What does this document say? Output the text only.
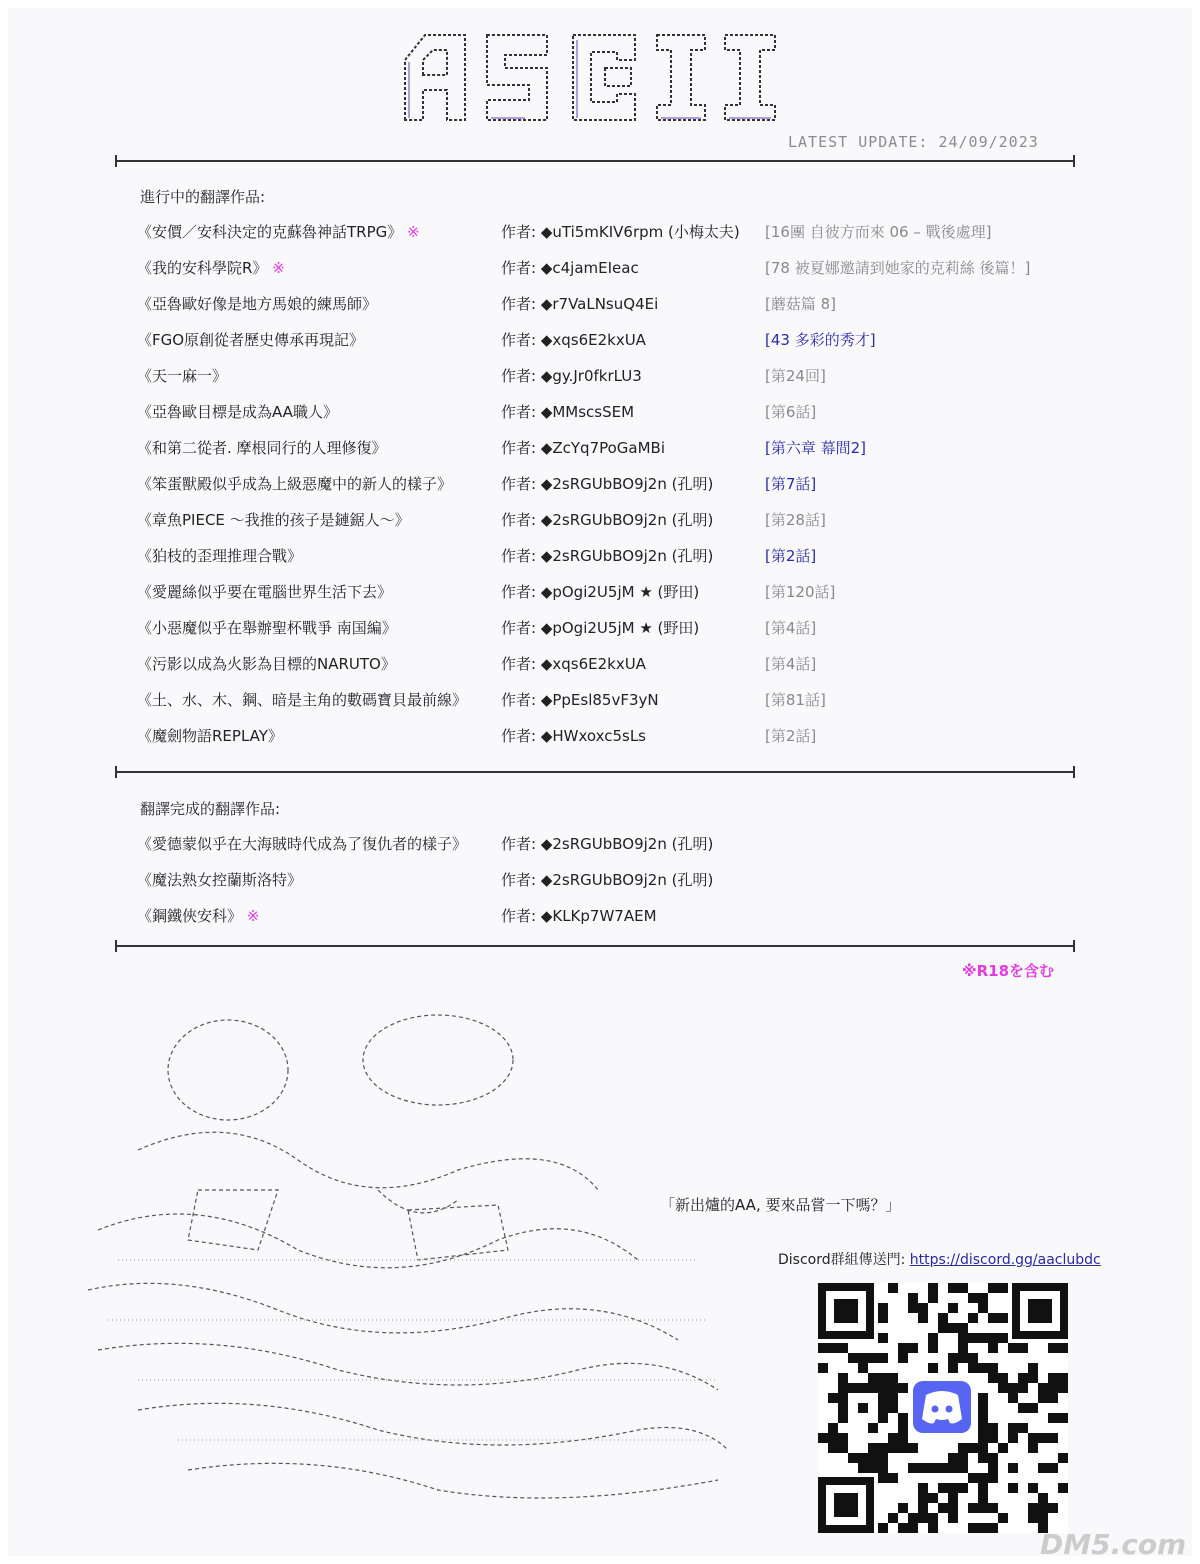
LATEST UPDATE: 24/09/2023
進行中的翻譯作品:
《安價／安科決定的克蘇魯神話TRPG》 ※	作者: ◆uTi5mKIV6rpm (小梅太夫) [16團 自彼方而來 06 – 戰後處理]
《我的安科學院R》 ※	作者: ◆c4jamEIeac	[78 被夏娜邀請到她家的克莉絲 後篇！]
《亞魯歐好像是地方馬娘的練馬師》	作者: ◆r7VaLNsuQ4Ei	[蘑菇篇 8]
《FGO原創從者歷史傳承再現記》	作者: ◆xqs6E2kxUA	[43 多彩的秀才]
《天一麻一》	作者: ◆gy.Jr0fkrLU3	[第24回]
《亞魯歐目標是成為AA職人》	作者: ◆MMscsSEM	[第6話]
《和第二從者. 摩根同行的人理修復》	作者: ◆ZcYq7PoGaMBi	[第六章 幕間2]
《笨蛋獸殿似乎成為上級惡魔中的新人的樣子》	作者: ◆2sRGUbBO9j2n (孔明)	[第7話]
《章魚PIECE ～我推的孩子是鏈鋸人～》	作者: ◆2sRGUbBO9j2n (孔明)	[第28話]
《狛枝的歪理推理合戰》	作者: ◆2sRGUbBO9j2n (孔明)	[第2話]
《愛麗絲似乎要在電腦世界生活下去》	作者: ◆pOgi2U5jM ★ (野田)	[第120話]
《小惡魔似乎在舉辦聖杯戰爭 南国編》	作者: ◆pOgi2U5jM ★ (野田)	[第4話]
《污影以成為火影為目標的NARUTO》	作者: ◆xqs6E2kxUA	[第4話]
《土、水、木、鋼、暗是主角的數碼寶貝最前線》 作者: ◆PpEsl85vF3yN	[第81話]
《魔劍物語REPLAY》	作者: ◆HWxoxc5sLs	[第2話]
翻譯完成的翻譯作品:
《愛德蒙似乎在大海賊時代成為了復仇者的樣子》 作者: ◆2sRGUbBO9j2n (孔明)
《魔法熟女控蘭斯洛特》	作者: ◆2sRGUbBO9j2n (孔明)
《鋼鐵俠安科》 ※	作者: ◆KLKp7W7AEM
※R18を含む
「新出爐的AA, 要來品嘗一下嗎？」
Discord群組傳送門: https://discord.gg/aaclubdc
DM5.com
